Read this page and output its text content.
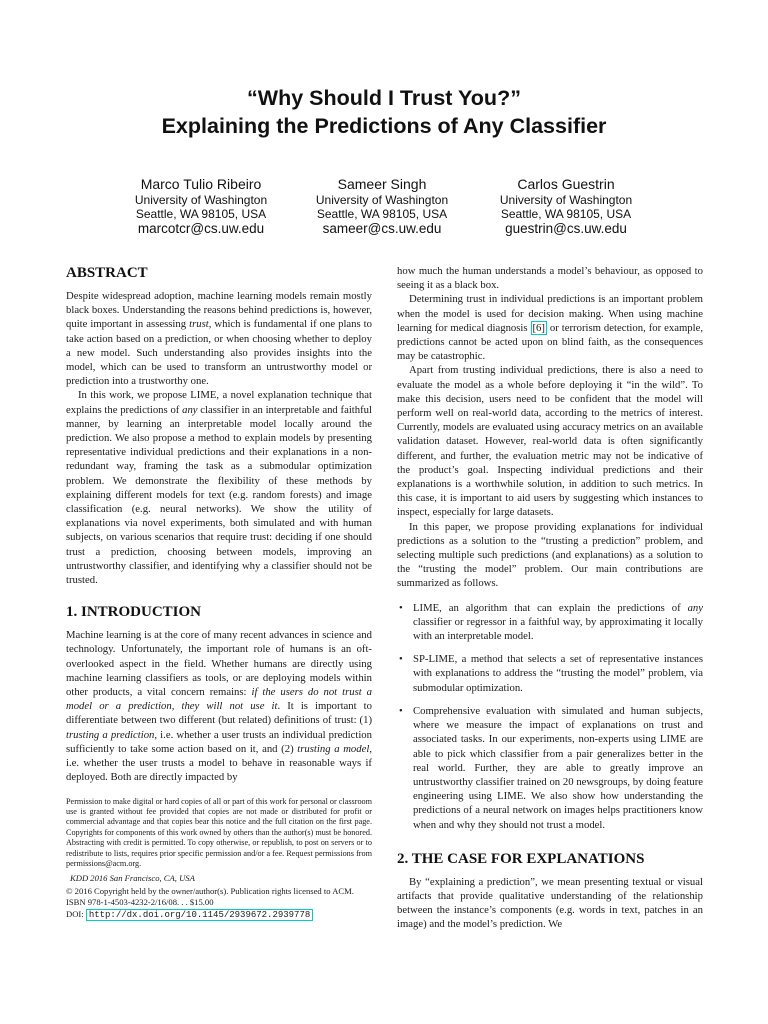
“Why Should I Trust You?”
Explaining the Predictions of Any Classifier
Marco Tulio Ribeiro
University of Washington
Seattle, WA 98105, USA
marcotcr@cs.uw.edu
Sameer Singh
University of Washington
Seattle, WA 98105, USA
sameer@cs.uw.edu
Carlos Guestrin
University of Washington
Seattle, WA 98105, USA
guestrin@cs.uw.edu
ABSTRACT

Despite widespread adoption, machine learning models remain mostly black boxes. Understanding the reasons behind predictions is, however, quite important in assessing trust, which is fundamental if one plans to take action based on a prediction, or when choosing whether to deploy a new model. Such understanding also provides insights into the model, which can be used to transform an untrustworthy model or prediction into a trustworthy one.

In this work, we propose LIME, a novel explanation technique that explains the predictions of any classifier in an interpretable and faithful manner, by learning an interpretable model locally around the prediction. We also propose a method to explain models by presenting representative individual predictions and their explanations in a non-redundant way, framing the task as a submodular optimization problem. We demonstrate the flexibility of these methods by explaining different models for text (e.g. random forests) and image classification (e.g. neural networks). We show the utility of explanations via novel experiments, both simulated and with human subjects, on various scenarios that require trust: deciding if one should trust a prediction, choosing between models, improving an untrustworthy classifier, and identifying why a classifier should not be trusted.

1. INTRODUCTION

Machine learning is at the core of many recent advances in science and technology. Unfortunately, the important role of humans is an oft-overlooked aspect in the field. Whether humans are directly using machine learning classifiers as tools, or are deploying models within other products, a vital concern remains: if the users do not trust a model or a prediction, they will not use it. It is important to differentiate between two different (but related) definitions of trust: (1) trusting a prediction, i.e. whether a user trusts an individual prediction sufficiently to take some action based on it, and (2) trusting a model, i.e. whether the user trusts a model to behave in reasonable ways if deployed. Both are directly impacted by

Permission to make digital or hard copies of all or part of this work for personal or classroom use is granted without fee provided that copies are not made or distributed for profit or commercial advantage and that copies bear this notice and the full citation on the first page. Copyrights for components of this work owned by others than the author(s) must be honored. Abstracting with credit is permitted. To copy otherwise, or republish, to post on servers or to redistribute to lists, requires prior specific permission and/or a fee. Request permissions from permissions@acm.org.
KDD 2016 San Francisco, CA, USA
© 2016 Copyright held by the owner/author(s). Publication rights licensed to ACM. ISBN 978-1-4503-4232-2/16/08. . . $15.00
DOI: http://dx.doi.org/10.1145/2939672.2939778

how much the human understands a model’s behaviour, as opposed to seeing it as a black box.

Determining trust in individual predictions is an important problem when the model is used for decision making. When using machine learning for medical diagnosis [6] or terrorism detection, for example, predictions cannot be acted upon on blind faith, as the consequences may be catastrophic.

Apart from trusting individual predictions, there is also a need to evaluate the model as a whole before deploying it “in the wild”. To make this decision, users need to be confident that the model will perform well on real-world data, according to the metrics of interest. Currently, models are evaluated using accuracy metrics on an available validation dataset. However, real-world data is often significantly different, and further, the evaluation metric may not be indicative of the product’s goal. Inspecting individual predictions and their explanations is a worthwhile solution, in addition to such metrics. In this case, it is important to aid users by suggesting which instances to inspect, especially for large datasets.

In this paper, we propose providing explanations for individual predictions as a solution to the “trusting a prediction” problem, and selecting multiple such predictions (and explanations) as a solution to the “trusting the model” problem. Our main contributions are summarized as follows.

• LIME, an algorithm that can explain the predictions of any classifier or regressor in a faithful way, by approximating it locally with an interpretable model.
• SP-LIME, a method that selects a set of representative instances with explanations to address the “trusting the model” problem, via submodular optimization.
• Comprehensive evaluation with simulated and human subjects, where we measure the impact of explanations on trust and associated tasks. In our experiments, non-experts using LIME are able to pick which classifier from a pair generalizes better in the real world. Further, they are able to greatly improve an untrustworthy classifier trained on 20 newsgroups, by doing feature engineering using LIME. We also show how understanding the predictions of a neural network on images helps practitioners know when and why they should not trust a model.
2. THE CASE FOR EXPLANATIONS

By “explaining a prediction”, we mean presenting textual or visual artifacts that provide qualitative understanding of the relationship between the instance’s components (e.g. words in text, patches in an image) and the model’s prediction. We
